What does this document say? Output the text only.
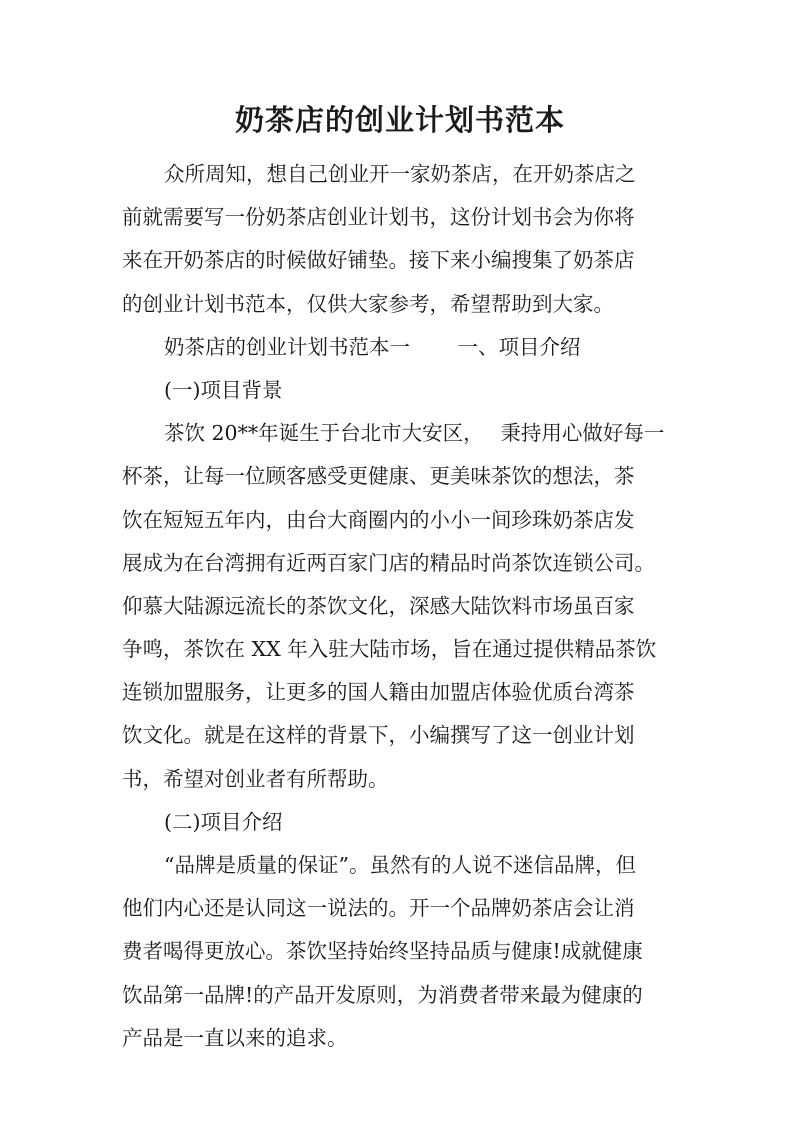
奶茶店的创业计划书范本
众所周知，想自己创业开一家奶茶店，在开奶茶店之
前就需要写一份奶茶店创业计划书，这份计划书会为你将
来在开奶茶店的时候做好铺垫。接下来小编搜集了奶茶店
的创业计划书范本，仅供大家参考，希望帮助到大家。
奶茶店的创业计划书范本一　　 一、项目介绍
(一)项目背景
茶饮 20**年诞生于台北市大安区，　 秉持用心做好每一
杯茶，让每一位顾客感受更健康、更美味茶饮的想法，茶
饮在短短五年内，由台大商圈内的小小一间珍珠奶茶店发
展成为在台湾拥有近两百家门店的精品时尚茶饮连锁公司。
仰慕大陆源远流长的茶饮文化，深感大陆饮料市场虽百家
争鸣，茶饮在 XX 年入驻大陆市场，旨在通过提供精品茶饮
连锁加盟服务，让更多的国人籍由加盟店体验优质台湾茶
饮文化。就是在这样的背景下，小编撰写了这一创业计划
书，希望对创业者有所帮助。
(二)项目介绍
“品牌是质量的保证”。虽然有的人说不迷信品牌，但
他们内心还是认同这一说法的。开一个品牌奶茶店会让消
费者喝得更放心。茶饮坚持始终坚持品质与健康!成就健康
饮品第一品牌!的产品开发原则，为消费者带来最为健康的
产品是一直以来的追求。
